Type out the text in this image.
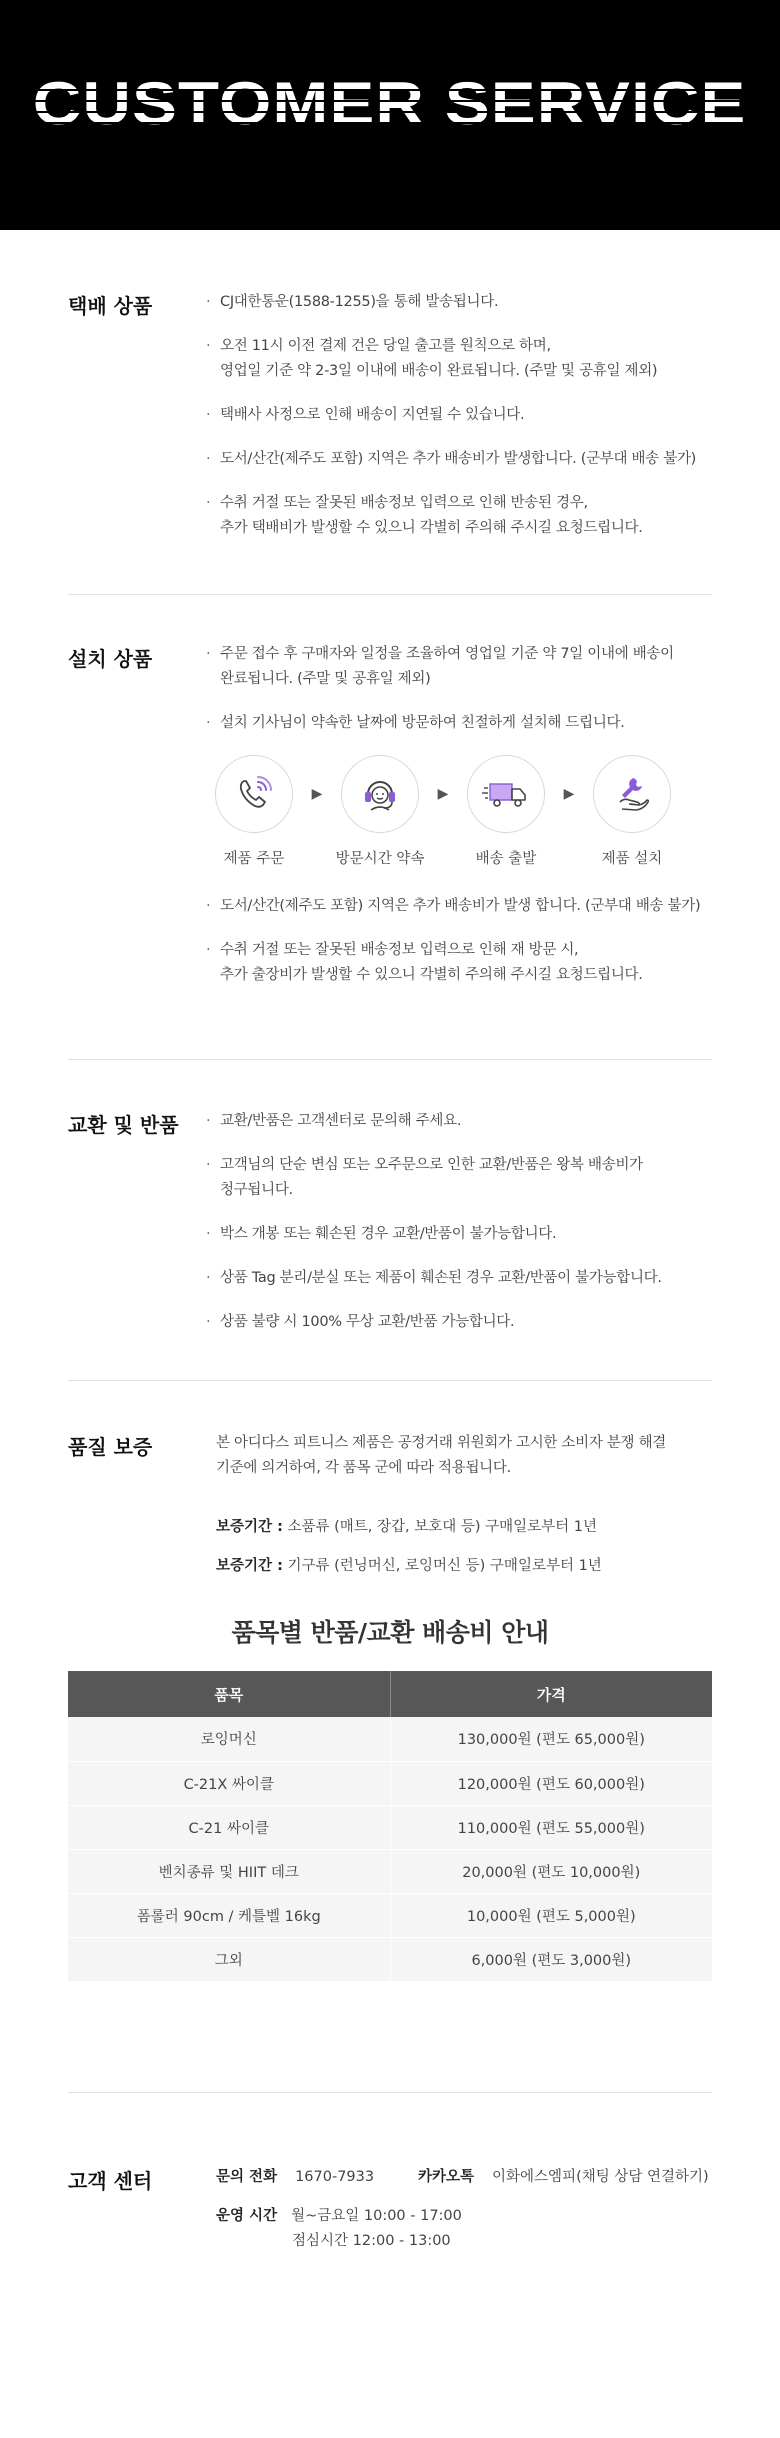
CUSTOMER SERVICE
택배 상품	· CJ대한통운(1588-1255)을 통해 발송됩니다.
· 오전 11시 이전 결제 건은 당일 출고를 원칙으로 하며,
영업일 기준 약 2-3일 이내에 배송이 완료됩니다. (주말 및 공휴일 제외)
· 택배사 사정으로 인해 배송이 지연될 수 있습니다.
· 도서/산간(제주도 포함) 지역은 추가 배송비가 발생합니다. (군부대 배송 불가)
· 수취 거절 또는 잘못된 배송정보 입력으로 인해 반송된 경우,
추가 택배비가 발생할 수 있으니 각별히 주의해 주시길 요청드립니다.
설치 상품	· 주문 접수 후 구매자와 일정을 조율하여 영업일 기준 약 7일 이내에 배송이
완료됩니다. (주말 및 공휴일 제외)
· 설치 기사님이 약속한 날짜에 방문하여 친절하게 설치해 드립니다.
제품 주문
▶
방문시간 약속
▶
배송 출발
▶
제품 설치
· 도서/산간(제주도 포함) 지역은 추가 배송비가 발생 합니다. (군부대 배송 불가)
· 수취 거절 또는 잘못된 배송정보 입력으로 인해 재 방문 시,
추가 출장비가 발생할 수 있으니 각별히 주의해 주시길 요청드립니다.
교환 및 반품	· 교환/반품은 고객센터로 문의해 주세요.
· 고객님의 단순 변심 또는 오주문으로 인한 교환/반품은 왕복 배송비가
청구됩니다.
· 박스 개봉 또는 훼손된 경우 교환/반품이 불가능합니다.
· 상품 Tag 분리/분실 또는 제품이 훼손된 경우 교환/반품이 불가능합니다.
· 상품 불량 시 100% 무상 교환/반품 가능합니다.
품질 보증	본 아디다스 피트니스 제품은 공정거래 위원회가 고시한 소비자 분쟁 해결
기준에 의거하여, 각 품목 군에 따라 적용됩니다.

보증기간 : 소품류 (매트, 장갑, 보호대 등) 구매일로부터 1년
보증기간 : 기구류 (런닝머신, 로잉머신 등) 구매일로부터 1년
품목별 반품/교환 배송비 안내
품목	가격
로잉머신	130,000원 (편도 65,000원)
C-21X 싸이클	120,000원 (편도 60,000원)
C-21 싸이클	110,000원 (편도 55,000원)
벤치종류 및 HIIT 데크	20,000원 (편도 10,000원)
폼롤러 90cm / 케틀벨 16kg	10,000원 (편도 5,000원)
그외	6,000원 (편도 3,000원)
고객 센터	문의 전화 1670-7933	카카오톡 이화에스엠피(채팅 상담 연결하기)
운영 시간 월~금요일 10:00 - 17:00
점심시간 12:00 - 13:00
